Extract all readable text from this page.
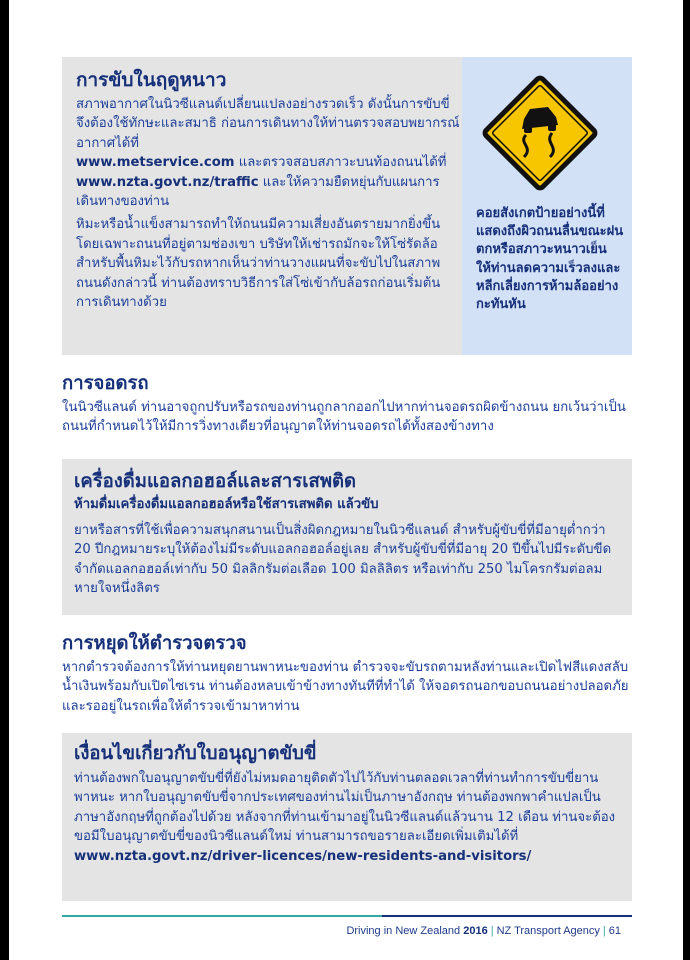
การขับในฤดูหนาว

สภาพอากาศในนิวซีแลนด์เปลี่ยนแปลงอย่างรวดเร็ว ดังนั้นการขับขี่จึงต้องใช้ทักษะและสมาธิ ก่อนการเดินทางให้ท่านตรวจสอบพยากรณ์อากาศได้ที่
www.metservice.com และตรวจสอบสภาวะบนท้องถนนได้ที่ www.nzta.govt.nz/traffic และให้ความยืดหยุ่นกับแผนการเดินทางของท่าน

หิมะหรือน้ำแข็งสามารถทำให้ถนนมีความเสี่ยงอันตรายมากยิ่งขึ้นโดยเฉพาะถนนที่อยู่ตามช่องเขา บริษัทให้เช่ารถมักจะให้โซ่รัดล้อสำหรับพื้นหิมะไว้กับรถหากเห็นว่าท่านวางแผนที่จะขับไปในสภาพถนนดังกล่าวนี้ ท่านต้องทราบวิธีการใส่โซ่เข้ากับล้อรถก่อนเริ่มต้นการเดินทางด้วย

คอยสังเกตป้ายอย่างนี้ที่แสดงถึงผิวถนนลื่นขณะฝนตกหรือสภาวะหนาวเย็น ให้ท่านลดความเร็วลงและหลีกเลี่ยงการห้ามล้ออย่างกะทันหัน

การจอดรถ

ในนิวซีแลนด์ ท่านอาจถูกปรับหรือรถของท่านถูกลากออกไปหากท่านจอดรถผิดข้างถนน ยกเว้นว่าเป็นถนนที่กำหนดไว้ให้มีการวิ่งทางเดียวที่อนุญาตให้ท่านจอดรถได้ทั้งสองข้างทาง

เครื่องดื่มแอลกอฮอล์และสารเสพติด

ห้ามดื่มเครื่องดื่มแอลกอฮอล์หรือใช้สารเสพติด แล้วขับ

ยาหรือสารที่ใช้เพื่อความสนุกสนานเป็นสิ่งผิดกฎหมายในนิวซีแลนด์ สำหรับผู้ขับขี่ที่มีอายุต่ำกว่า 20 ปีกฎหมายระบุให้ต้องไม่มีระดับแอลกอฮอล์อยู่เลย สำหรับผู้ขับขี่ที่มีอายุ 20 ปีขึ้นไปมีระดับขีดจำกัดแอลกอฮอล์เท่ากับ 50 มิลลิกรัมต่อเลือด 100 มิลลิลิตร หรือเท่ากับ 250 ไมโครกรัมต่อลมหายใจหนึ่งลิตร

การหยุดให้ตำรวจตรวจ

หากตำรวจต้องการให้ท่านหยุดยานพาหนะของท่าน ตำรวจจะขับรถตามหลังท่านและเปิดไฟสีแดงสลับน้ำเงินพร้อมกับเปิดไซเรน ท่านต้องหลบเข้าข้างทางทันทีที่ทำได้ ให้จอดรถนอกขอบถนนอย่างปลอดภัยและรออยู่ในรถเพื่อให้ตำรวจเข้ามาหาท่าน

เงื่อนไขเกี่ยวกับใบอนุญาตขับขี่

ท่านต้องพกใบอนุญาตขับขี่ที่ยังไม่หมดอายุติดตัวไปไว้กับท่านตลอดเวลาที่ท่านทำการขับขี่ยานพาหนะ หากใบอนุญาตขับขี่จากประเทศของท่านไม่เป็นภาษาอังกฤษ ท่านต้องพกพาคำแปลเป็นภาษาอังกฤษที่ถูกต้องไปด้วย หลังจากที่ท่านเข้ามาอยู่ในนิวซีแลนด์แล้วนาน 12 เดือน ท่านจะต้องขอมีใบอนุญาตขับขี่ของนิวซีแลนด์ใหม่ ท่านสามารถขอรายละเอียดเพิ่มเติมได้ที่

www.nzta.govt.nz/driver-licences/new-residents-and-visitors/

Driving in New Zealand 2016 | NZ Transport Agency | 61
